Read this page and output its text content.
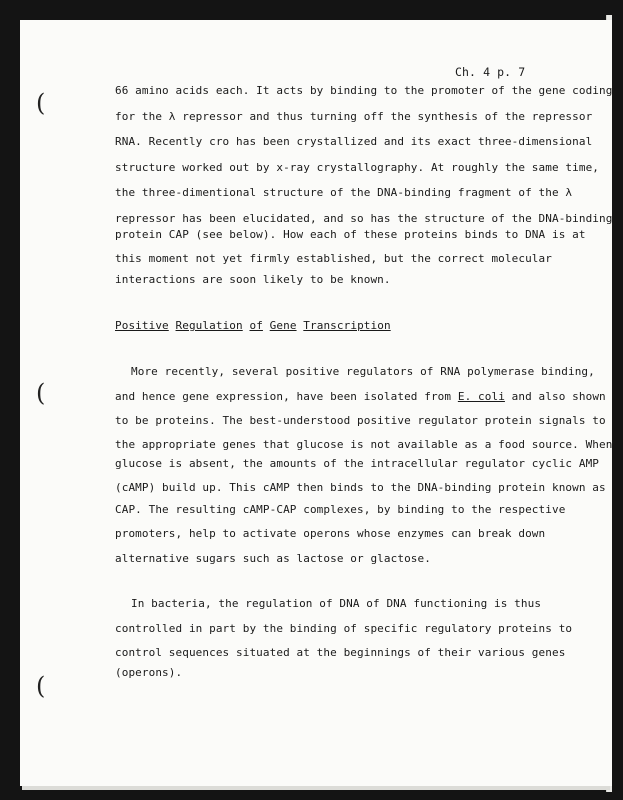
(
(
(
Ch. 4 p. 7
66 amino acids each. It acts by binding to the promoter of the gene coding
for the λ repressor and thus turning off the synthesis of the repressor
RNA. Recently cro has been crystallized and its exact three-dimensional
structure worked out by x-ray crystallography. At roughly the same time,
the three-dimentional structure of the DNA-binding fragment of the λ
repressor has been elucidated, and so has the structure of the DNA-binding
protein CAP (see below). How each of these proteins binds to DNA is at
this moment not yet firmly established, but the correct molecular
interactions are soon likely to be known.
Positive Regulation of Gene Transcription
More recently, several positive regulators of RNA polymerase binding,
and hence gene expression, have been isolated from E. coli and also shown
to be proteins. The best-understood positive regulator protein signals to
the appropriate genes that glucose is not available as a food source. When
glucose is absent, the amounts of the intracellular regulator cyclic AMP
(cAMP) build up. This cAMP then binds to the DNA-binding protein known as
CAP. The resulting cAMP-CAP complexes, by binding to the respective
promoters, help to activate operons whose enzymes can break down
alternative sugars such as lactose or glactose.
In bacteria, the regulation of DNA of DNA functioning is thus
controlled in part by the binding of specific regulatory proteins to
control sequences situated at the beginnings of their various genes
(operons).
